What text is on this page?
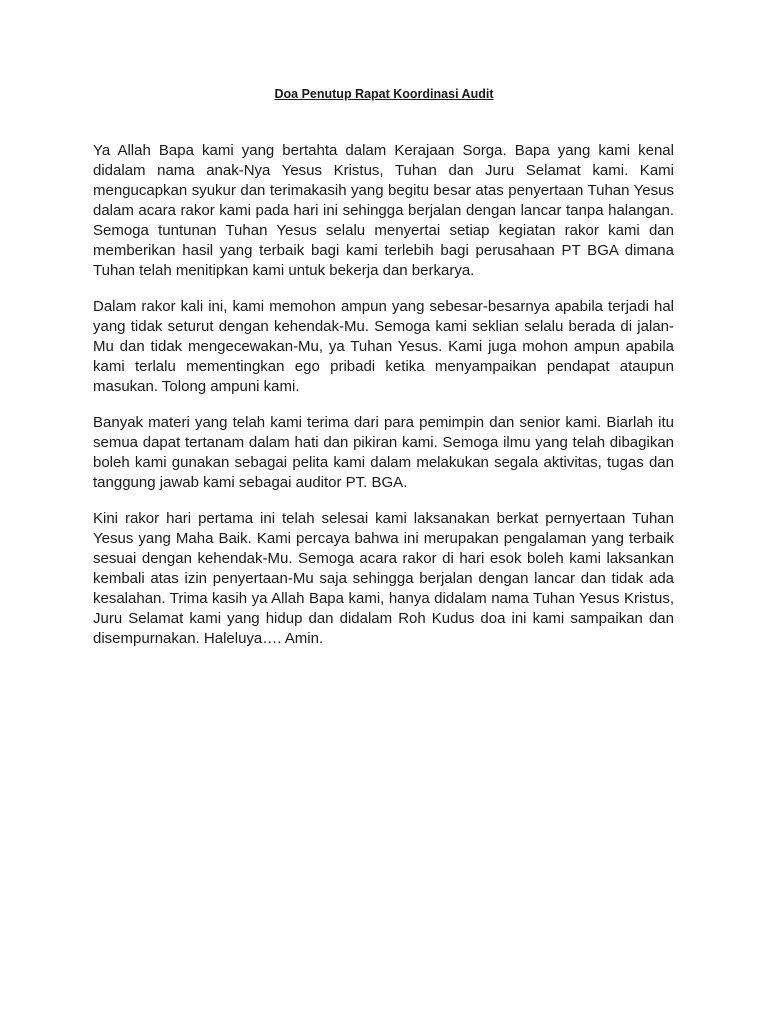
Doa Penutup Rapat Koordinasi Audit

Ya Allah Bapa kami yang bertahta dalam Kerajaan Sorga. Bapa yang kami kenal didalam nama anak-Nya Yesus Kristus, Tuhan dan Juru Selamat kami. Kami mengucapkan syukur dan terimakasih yang begitu besar atas penyertaan Tuhan Yesus dalam acara rakor kami pada hari ini sehingga berjalan dengan lancar tanpa halangan. Semoga tuntunan Tuhan Yesus selalu menyertai setiap kegiatan rakor kami dan memberikan hasil yang terbaik bagi kami terlebih bagi perusahaan PT BGA dimana Tuhan telah menitipkan kami untuk bekerja dan berkarya.

Dalam rakor kali ini, kami memohon ampun yang sebesar-besarnya apabila terjadi hal yang tidak seturut dengan kehendak-Mu. Semoga kami seklian selalu berada di jalan-Mu dan tidak mengecewakan-Mu, ya Tuhan Yesus. Kami juga mohon ampun apabila kami terlalu mementingkan ego pribadi ketika menyampaikan pendapat ataupun masukan. Tolong ampuni kami.

Banyak materi yang telah kami terima dari para pemimpin dan senior kami. Biarlah itu semua dapat tertanam dalam hati dan pikiran kami. Semoga ilmu yang telah dibagikan boleh kami gunakan sebagai pelita kami dalam melakukan segala aktivitas, tugas dan tanggung jawab kami sebagai auditor PT. BGA.

Kini rakor hari pertama ini telah selesai kami laksanakan berkat pernyertaan Tuhan Yesus yang Maha Baik. Kami percaya bahwa ini merupakan pengalaman yang terbaik sesuai dengan kehendak-Mu. Semoga acara rakor di hari esok boleh kami laksankan kembali atas izin penyertaan-Mu saja sehingga berjalan dengan lancar dan tidak ada kesalahan. Trima kasih ya Allah Bapa kami, hanya didalam nama Tuhan Yesus Kristus, Juru Selamat kami yang hidup dan didalam Roh Kudus doa ini kami sampaikan dan disempurnakan. Haleluya…. Amin.
